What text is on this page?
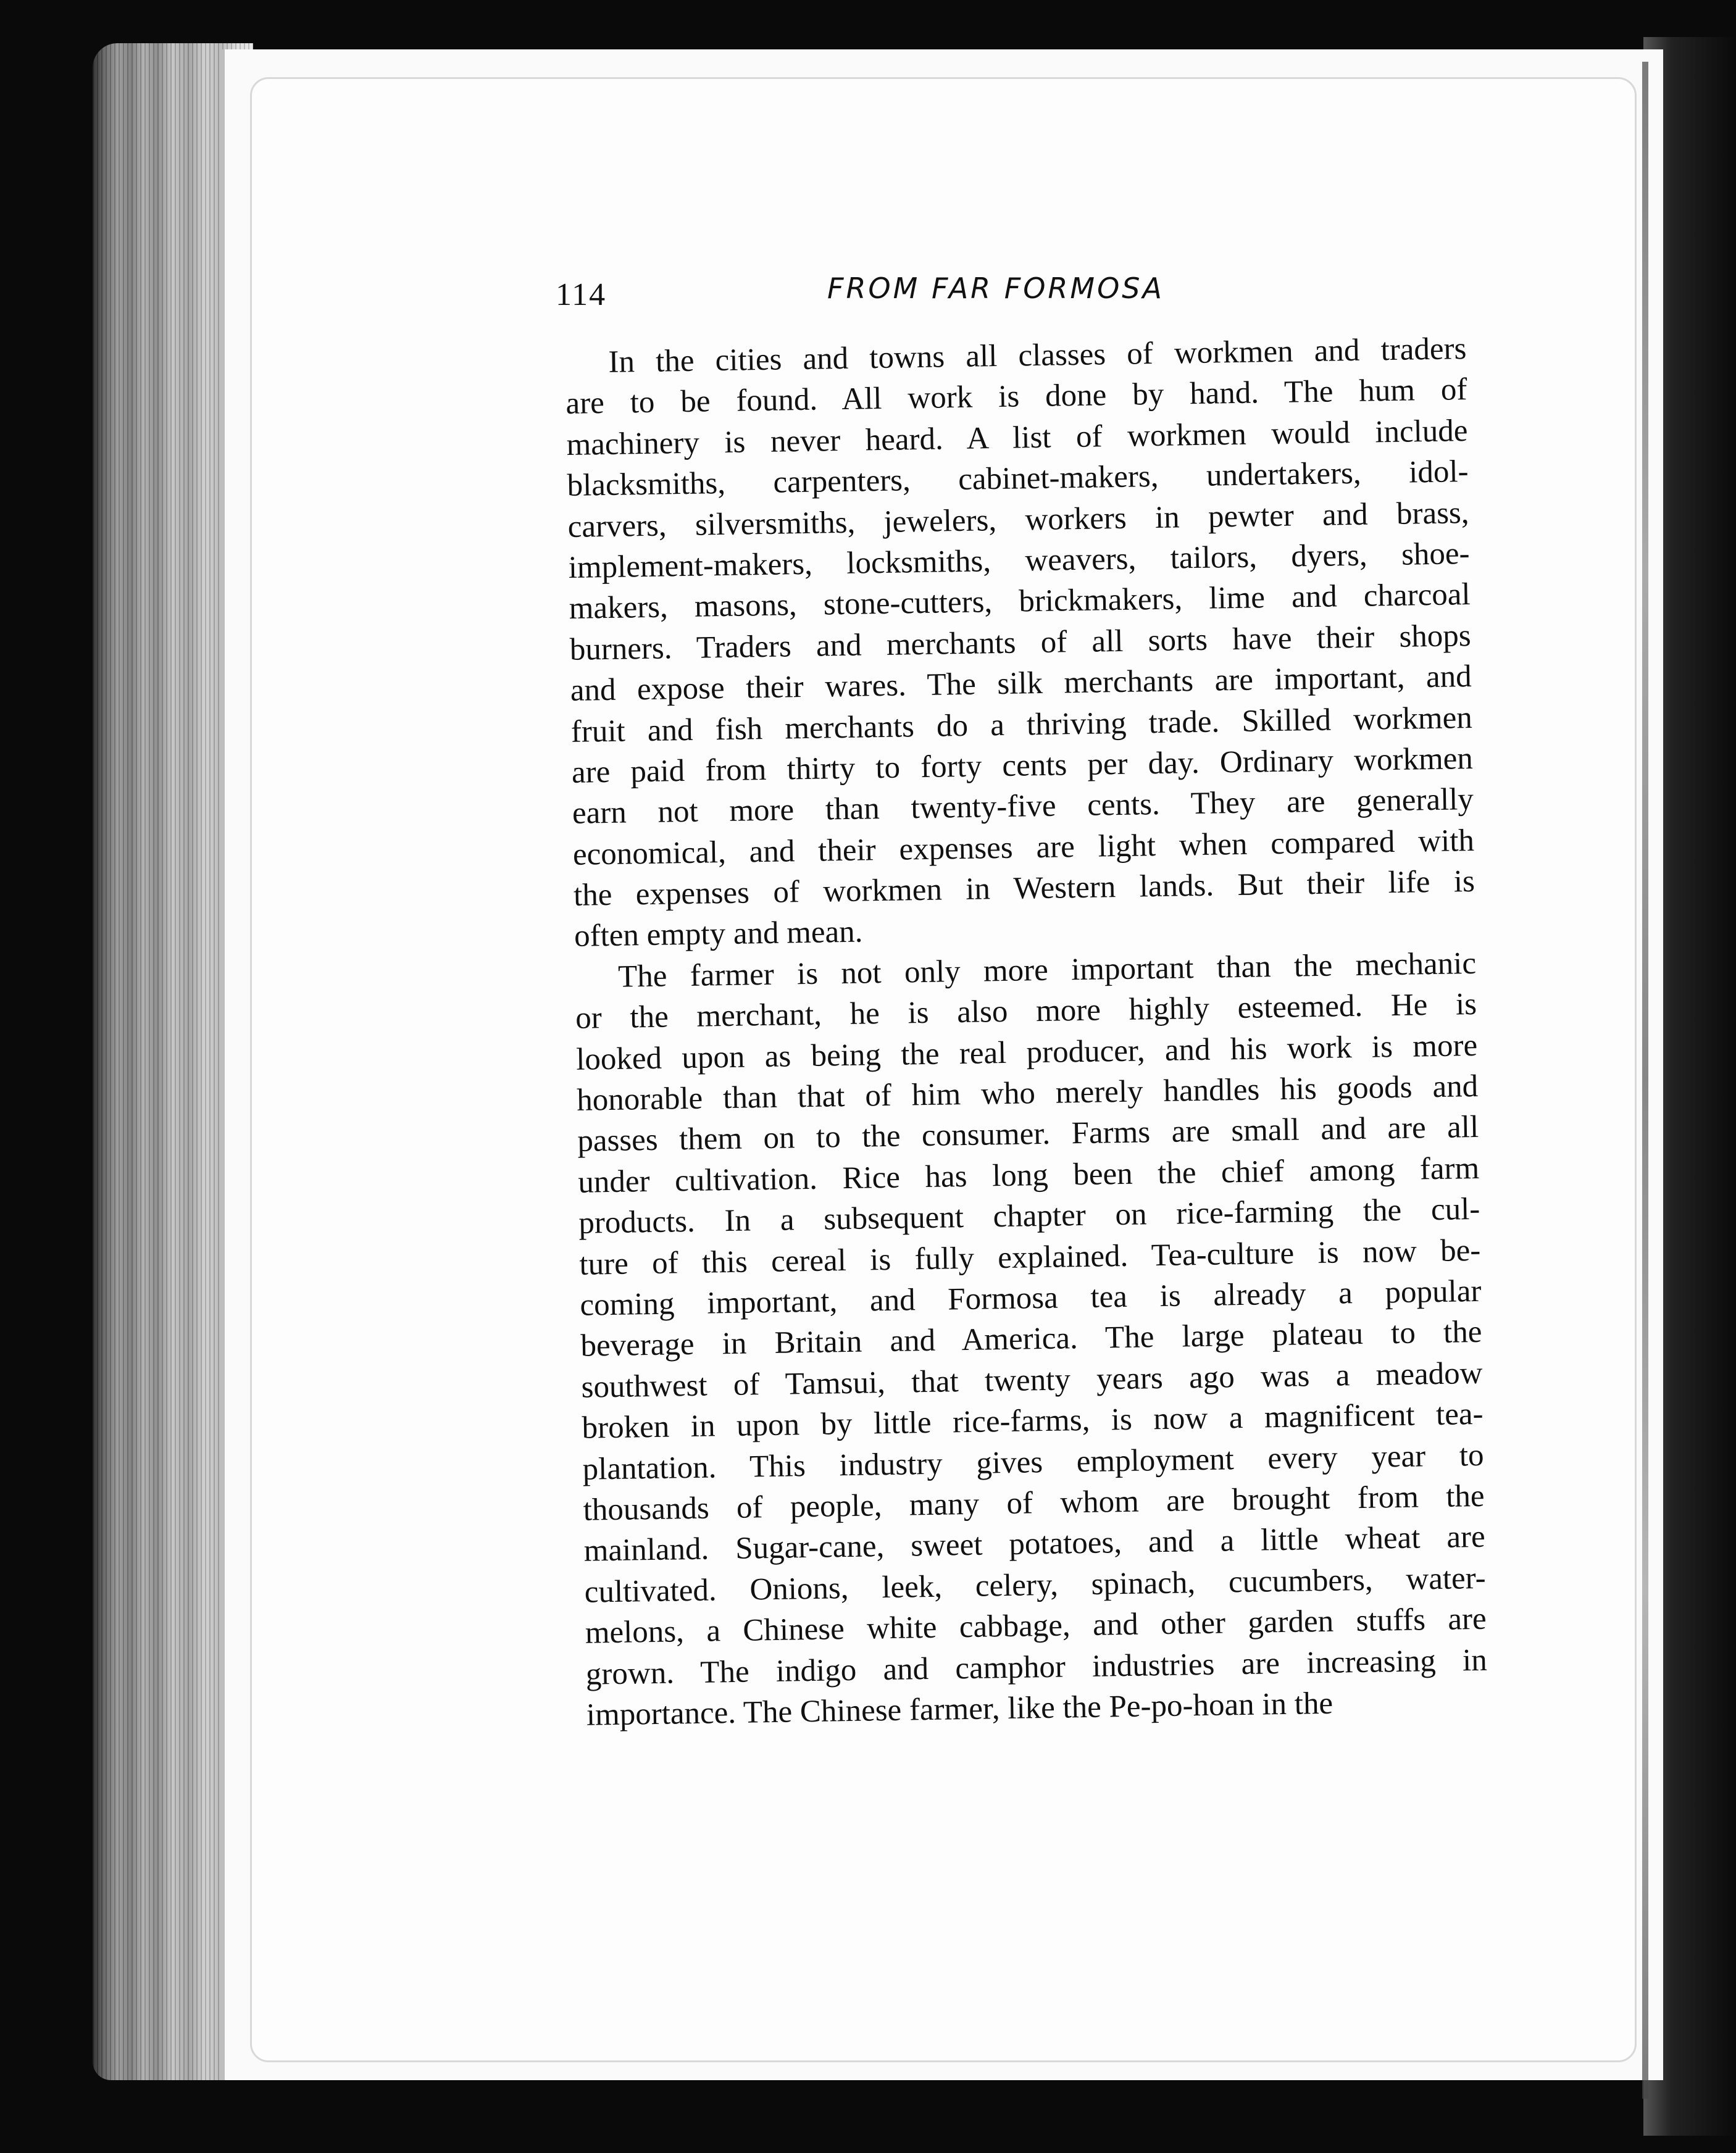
114	FROM FAR FORMOSA

In the cities and towns all classes of workmen and traders
are to be found. All work is done by hand. The hum of
machinery is never heard. A list of workmen would include
blacksmiths, carpenters, cabinet-makers, undertakers, idol-
carvers, silversmiths, jewelers, workers in pewter and brass,
implement-makers, locksmiths, weavers, tailors, dyers, shoe-
makers, masons, stone-cutters, brickmakers, lime and charcoal
burners. Traders and merchants of all sorts have their shops
and expose their wares. The silk merchants are important, and
fruit and fish merchants do a thriving trade. Skilled workmen
are paid from thirty to forty cents per day. Ordinary workmen
earn not more than twenty-five cents. They are generally
economical, and their expenses are light when compared with
the expenses of workmen in Western lands. But their life is
often empty and mean.

The farmer is not only more important than the mechanic
or the merchant, he is also more highly esteemed. He is
looked upon as being the real producer, and his work is more
honorable than that of him who merely handles his goods and
passes them on to the consumer. Farms are small and are all
under cultivation. Rice has long been the chief among farm
products. In a subsequent chapter on rice-farming the cul-
ture of this cereal is fully explained. Tea-culture is now be-
coming important, and Formosa tea is already a popular
beverage in Britain and America. The large plateau to the
southwest of Tamsui, that twenty years ago was a meadow
broken in upon by little rice-farms, is now a magnificent tea-
plantation. This industry gives employment every year to
thousands of people, many of whom are brought from the
mainland. Sugar-cane, sweet potatoes, and a little wheat are
cultivated. Onions, leek, celery, spinach, cucumbers, water-
melons, a Chinese white cabbage, and other garden stuffs are
grown. The indigo and camphor industries are increasing in
importance. The Chinese farmer, like the Pe-po-hoan in the
